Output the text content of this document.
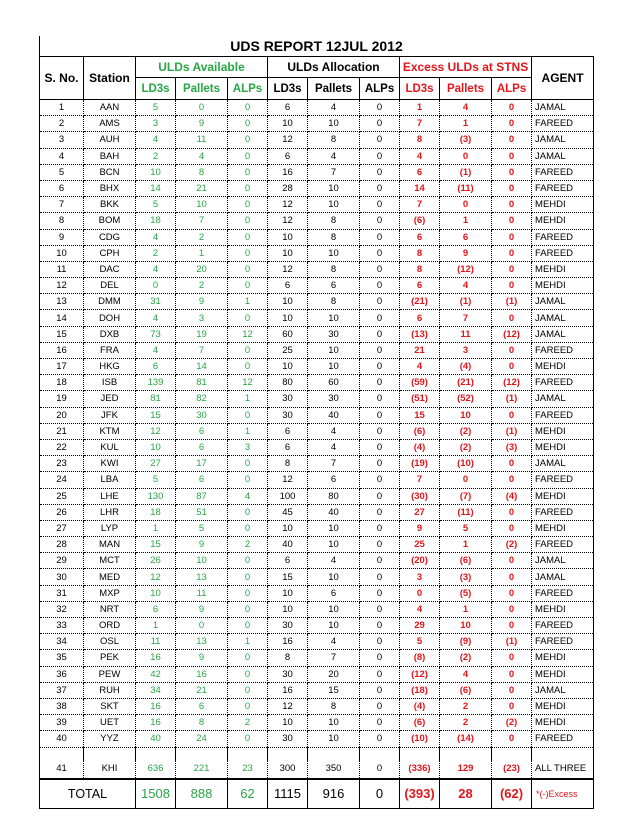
UDS REPORT 12JUL 2012
S. No.	Station	ULDs Available			ULDs Allocation			Excess ULDs at STNS			AGENT
		LD3s	Pallets	ALPs	LD3s	Pallets	ALPs	LD3s	Pallets	ALPs	
1	AAN	5	0	0	6	4	0	1	4	0	JAMAL
2	AMS	3	9	0	10	10	0	7	1	0	FAREED
3	AUH	4	11	0	12	8	0	8	(3)	0	JAMAL
4	BAH	2	4	0	6	4	0	4	0	0	JAMAL
5	BCN	10	8	0	16	7	0	6	(1)	0	FAREED
6	BHX	14	21	0	28	10	0	14	(11)	0	FAREED
7	BKK	5	10	0	12	10	0	7	0	0	MEHDI
8	BOM	18	7	0	12	8	0	(6)	1	0	MEHDI
9	CDG	4	2	0	10	8	0	6	6	0	FAREED
10	CPH	2	1	0	10	10	0	8	9	0	FAREED
11	DAC	4	20	0	12	8	0	8	(12)	0	MEHDI
12	DEL	0	2	0	6	6	0	6	4	0	MEHDI
13	DMM	31	9	1	10	8	0	(21)	(1)	(1)	JAMAL
14	DOH	4	3	0	10	10	0	6	7	0	JAMAL
15	DXB	73	19	12	60	30	0	(13)	11	(12)	JAMAL
16	FRA	4	7	0	25	10	0	21	3	0	FAREED
17	HKG	6	14	0	10	10	0	4	(4)	0	MEHDI
18	ISB	139	81	12	80	60	0	(59)	(21)	(12)	FAREED
19	JED	81	82	1	30	30	0	(51)	(52)	(1)	JAMAL
20	JFK	15	30	0	30	40	0	15	10	0	FAREED
21	KTM	12	6	1	6	4	0	(6)	(2)	(1)	MEHDI
22	KUL	10	6	3	6	4	0	(4)	(2)	(3)	MEHDI
23	KWI	27	17	0	8	7	0	(19)	(10)	0	JAMAL
24	LBA	5	6	0	12	6	0	7	0	0	FAREED
25	LHE	130	87	4	100	80	0	(30)	(7)	(4)	MEHDI
26	LHR	18	51	0	45	40	0	27	(11)	0	FAREED
27	LYP	1	5	0	10	10	0	9	5	0	MEHDI
28	MAN	15	9	2	40	10	0	25	1	(2)	FAREED
29	MCT	26	10	0	6	4	0	(20)	(6)	0	JAMAL
30	MED	12	13	0	15	10	0	3	(3)	0	JAMAL
31	MXP	10	11	0	10	6	0	0	(5)	0	FAREED
32	NRT	6	9	0	10	10	0	4	1	0	MEHDI
33	ORD	1	0	0	30	10	0	29	10	0	FAREED
34	OSL	11	13	1	16	4	0	5	(9)	(1)	FAREED
35	PEK	16	9	0	8	7	0	(8)	(2)	0	MEHDI
36	PEW	42	16	0	30	20	0	(12)	4	0	MEHDI
37	RUH	34	21	0	16	15	0	(18)	(6)	0	JAMAL
38	SKT	16	6	0	12	8	0	(4)	2	0	MEHDI
39	UET	16	8	2	10	10	0	(6)	2	(2)	MEHDI
40	YYZ	40	24	0	30	10	0	(10)	(14)	0	FAREED

41	KHI	636	221	23	300	350	0	(336)	129	(23)	ALL THREE
TOTAL		1508	888	62	1115	916	0	(393)	28	(62)	*(-)Excess
